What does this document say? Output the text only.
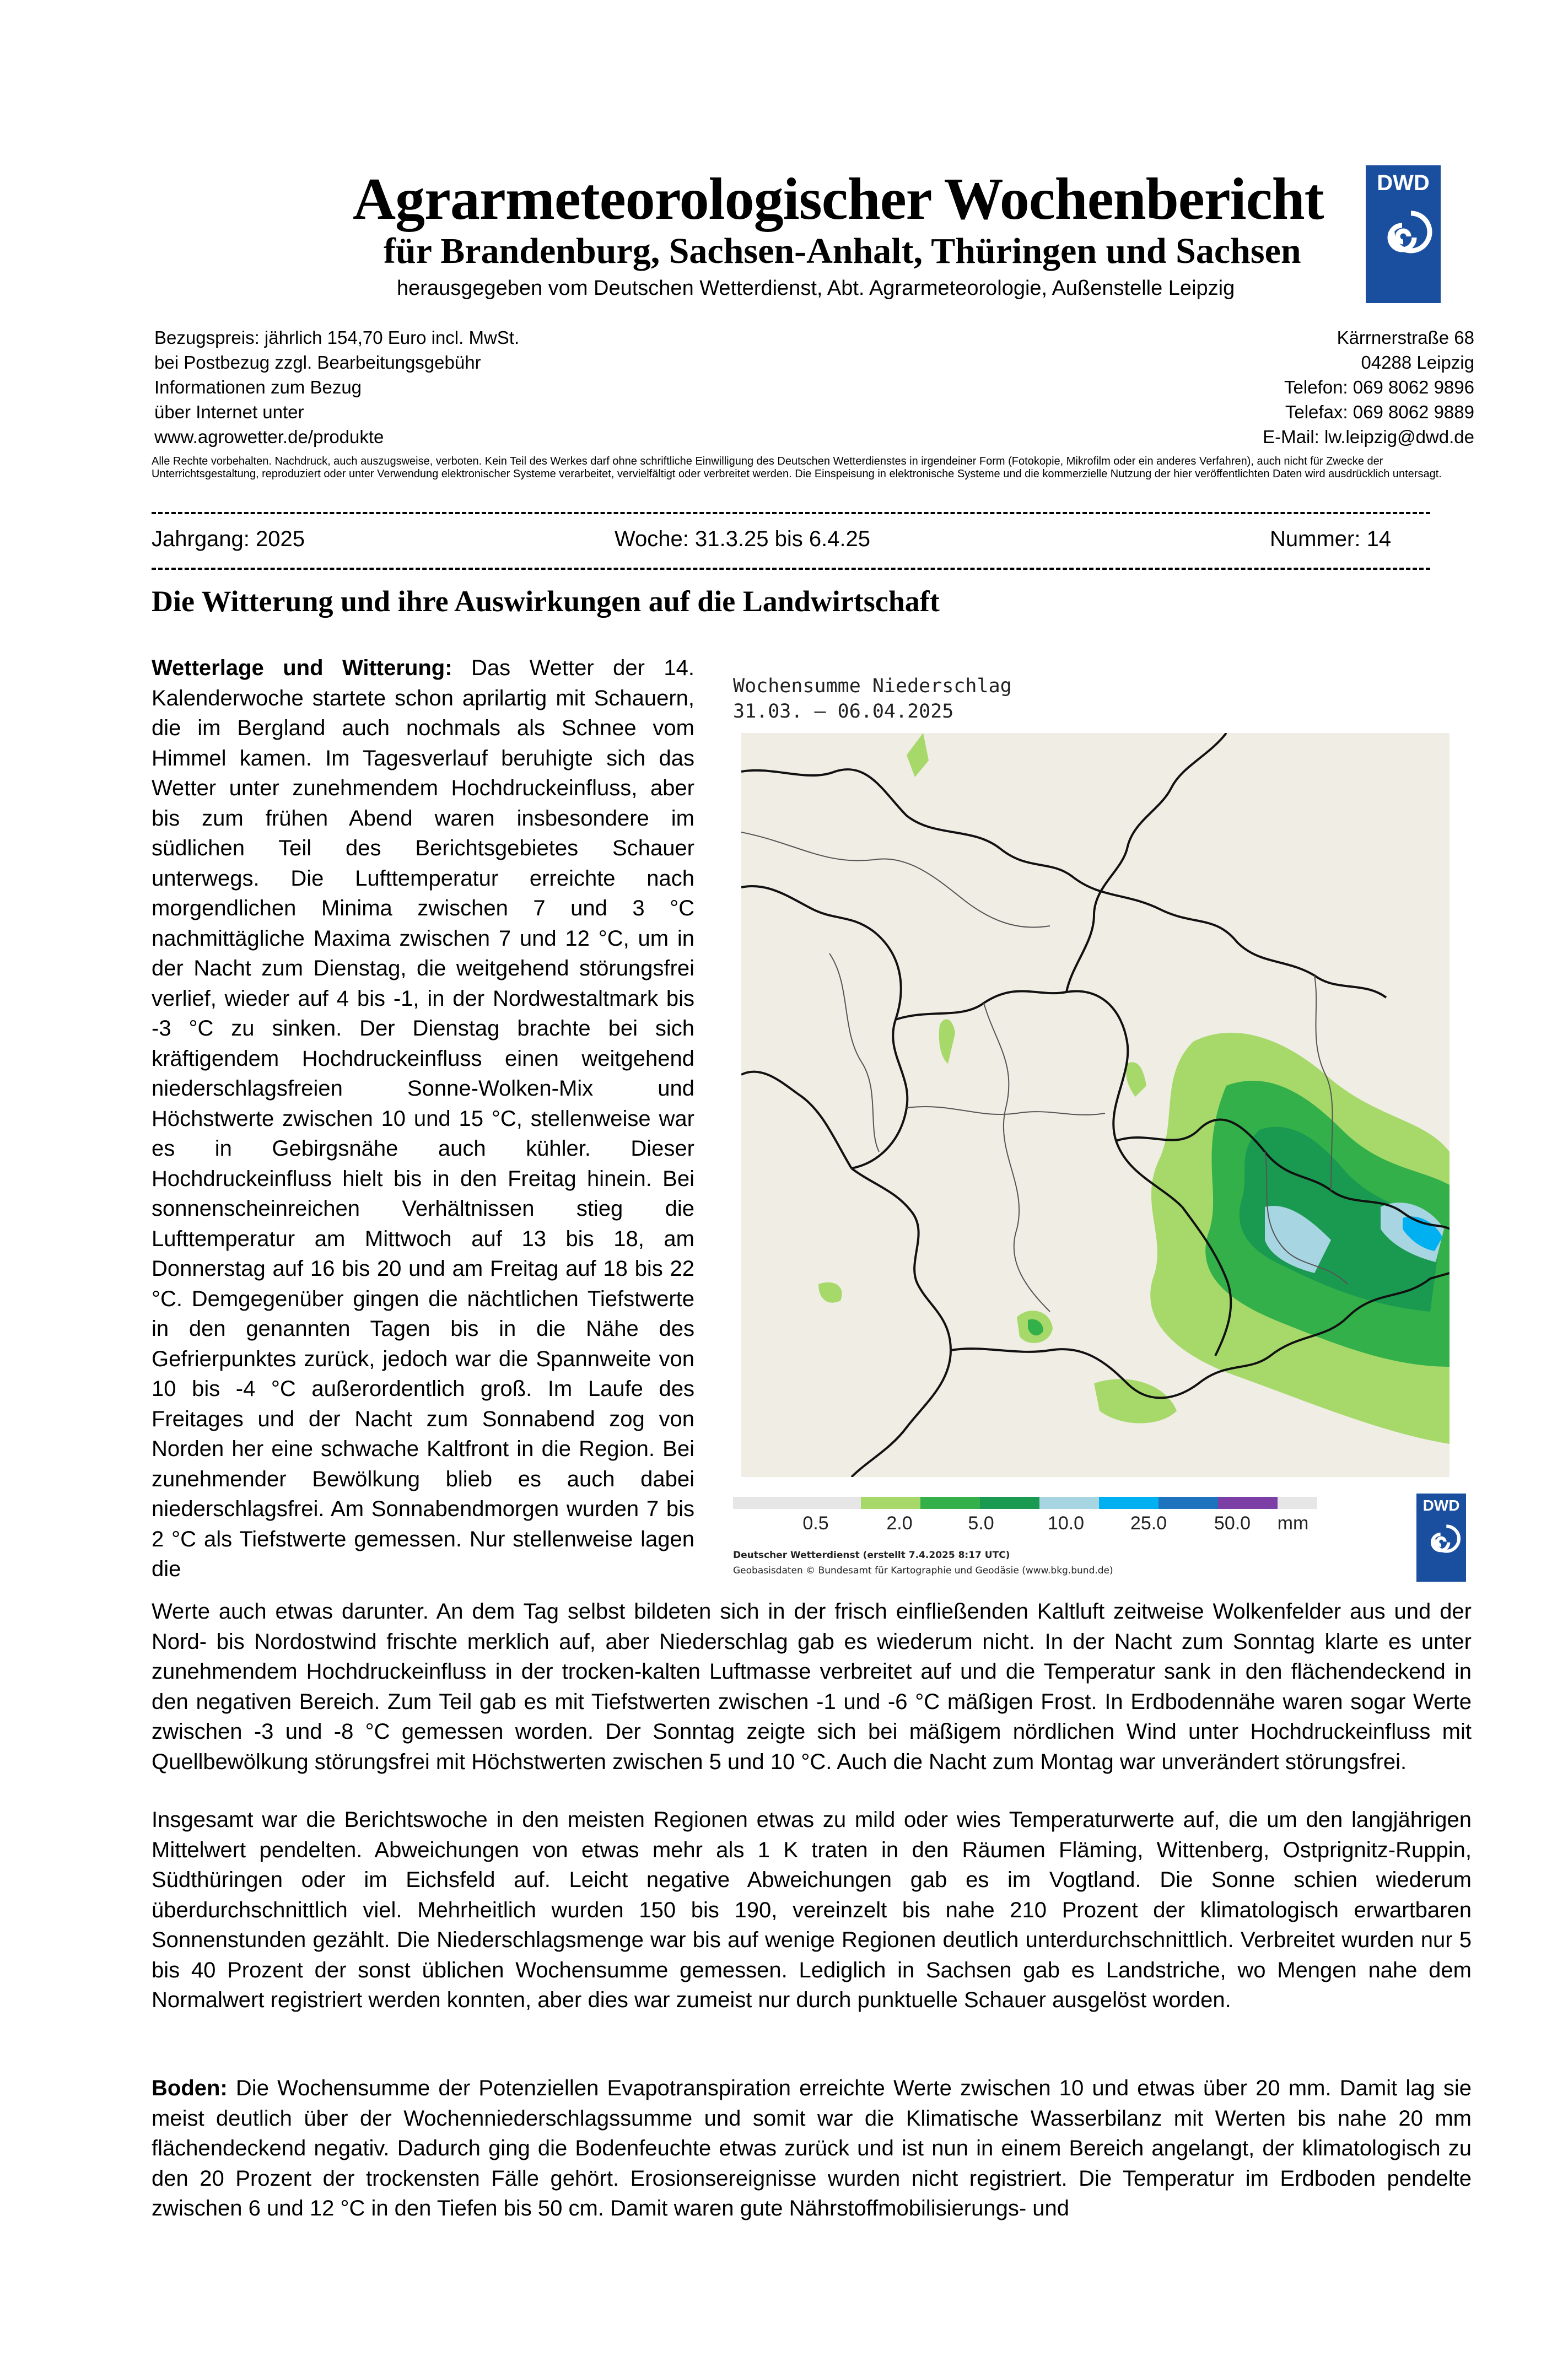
Agrarmeteorologischer Wochenbericht
für Brandenburg, Sachsen-Anhalt, Thüringen und Sachsen
herausgegeben vom Deutschen Wetterdienst, Abt. Agrarmeteorologie, Außenstelle Leipzig
DWD
Bezugspreis: jährlich 154,70 Euro incl. MwSt.
bei Postbezug zzgl. Bearbeitungsgebühr
Informationen zum Bezug
über Internet unter
www.agrowetter.de/produkte
Kärrnerstraße 68
04288 Leipzig
Telefon: 069 8062 9896
Telefax: 069 8062 9889
E-Mail: lw.leipzig@dwd.de
Alle Rechte vorbehalten. Nachdruck, auch auszugsweise, verboten. Kein Teil des Werkes darf ohne schriftliche Einwilligung des Deutschen Wetterdienstes in irgendeiner Form (Fotokopie, Mikrofilm oder ein anderes Verfahren), auch nicht für Zwecke der Unterrichtsgestaltung, reproduziert oder unter Verwendung elektronischer Systeme verarbeitet, vervielfältigt oder verbreitet werden. Die Einspeisung in elektronische Systeme und die kommerzielle Nutzung der hier veröffentlichten Daten wird ausdrücklich untersagt.
Jahrgang: 2025	Woche: 31.3.25 bis 6.4.25	Nummer: 14
Die Witterung und ihre Auswirkungen auf die Landwirtschaft
Wetterlage und Witterung: Das Wetter der 14. Kalenderwoche startete schon aprilartig mit Schauern, die im Bergland auch nochmals als Schnee vom Himmel kamen. Im Tagesverlauf beruhigte sich das Wetter unter zunehmendem Hochdruckeinfluss, aber bis zum frühen Abend waren insbesondere im südlichen Teil des Berichtsgebietes Schauer unterwegs. Die Lufttemperatur erreichte nach morgendlichen Minima zwischen 7 und 3 °C nachmittägliche Maxima zwischen 7 und 12 °C, um in der Nacht zum Dienstag, die weitgehend störungsfrei verlief, wieder auf 4 bis -1, in der Nordwestaltmark bis -3 °C zu sinken. Der Dienstag brachte bei sich kräftigendem Hochdruckeinfluss einen weitgehend niederschlagsfreien Sonne-Wolken-Mix und Höchstwerte zwischen 10 und 15 °C, stellenweise war es in Gebirgsnähe auch kühler. Dieser Hochdruckeinfluss hielt bis in den Freitag hinein. Bei sonnenscheinreichen Verhältnissen stieg die Lufttemperatur am Mittwoch auf 13 bis 18, am Donnerstag auf 16 bis 20 und am Freitag auf 18 bis 22 °C. Demgegenüber gingen die nächtlichen Tiefstwerte in den genannten Tagen bis in die Nähe des Gefrierpunktes zurück, jedoch war die Spannweite von 10 bis -4 °C außerordentlich groß. Im Laufe des Freitages und der Nacht zum Sonnabend zog von Norden her eine schwache Kaltfront in die Region. Bei zunehmender Bewölkung blieb es auch dabei niederschlagsfrei. Am Sonnabendmorgen wurden 7 bis 2 °C als Tiefstwerte gemessen. Nur stellenweise lagen die
Wochensumme Niederschlag
31.03. – 06.04.2025
0.5	2.0	5.0	10.0 25.0	50.0 mm
Deutscher Wetterdienst (erstellt 7.4.2025 8:17 UTC)
Geobasisdaten © Bundesamt für Kartographie und Geodäsie (www.bkg.bund.de)
DWD
Werte auch etwas darunter. An dem Tag selbst bildeten sich in der frisch einfließenden Kaltluft zeitweise Wolkenfelder aus und der Nord- bis Nordostwind frischte merklich auf, aber Niederschlag gab es wiederum nicht. In der Nacht zum Sonntag klarte es unter zunehmendem Hochdruckeinfluss in der trocken-kalten Luftmasse verbreitet auf und die Temperatur sank in den flächendeckend in den negativen Bereich. Zum Teil gab es mit Tiefstwerten zwischen -1 und -6 °C mäßigen Frost. In Erdbodennähe waren sogar Werte zwischen -3 und -8 °C gemessen worden. Der Sonntag zeigte sich bei mäßigem nördlichen Wind unter Hochdruckeinfluss mit Quellbewölkung störungsfrei mit Höchstwerten zwischen 5 und 10 °C. Auch die Nacht zum Montag war unverändert störungsfrei.
Insgesamt war die Berichtswoche in den meisten Regionen etwas zu mild oder wies Temperaturwerte auf, die um den langjährigen Mittelwert pendelten. Abweichungen von etwas mehr als 1 K traten in den Räumen Fläming, Wittenberg, Ostprignitz-Ruppin, Südthüringen oder im Eichsfeld auf. Leicht negative Abweichungen gab es im Vogtland. Die Sonne schien wiederum überdurchschnittlich viel. Mehrheitlich wurden 150 bis 190, vereinzelt bis nahe 210 Prozent der klimatologisch erwartbaren Sonnenstunden gezählt. Die Niederschlagsmenge war bis auf wenige Regionen deutlich unterdurchschnittlich. Verbreitet wurden nur 5 bis 40 Prozent der sonst üblichen Wochensumme gemessen. Lediglich in Sachsen gab es Landstriche, wo Mengen nahe dem Normalwert registriert werden konnten, aber dies war zumeist nur durch punktuelle Schauer ausgelöst worden.
Boden: Die Wochensumme der Potenziellen Evapotranspiration erreichte Werte zwischen 10 und etwas über 20 mm. Damit lag sie meist deutlich über der Wochenniederschlagssumme und somit war die Klimatische Wasserbilanz mit Werten bis nahe 20 mm flächendeckend negativ. Dadurch ging die Bodenfeuchte etwas zurück und ist nun in einem Bereich angelangt, der klimatologisch zu den 20 Prozent der trockensten Fälle gehört. Erosionsereignisse wurden nicht registriert. Die Temperatur im Erdboden pendelte zwischen 6 und 12 °C in den Tiefen bis 50 cm. Damit waren gute Nährstoffmobilisierungs- und
